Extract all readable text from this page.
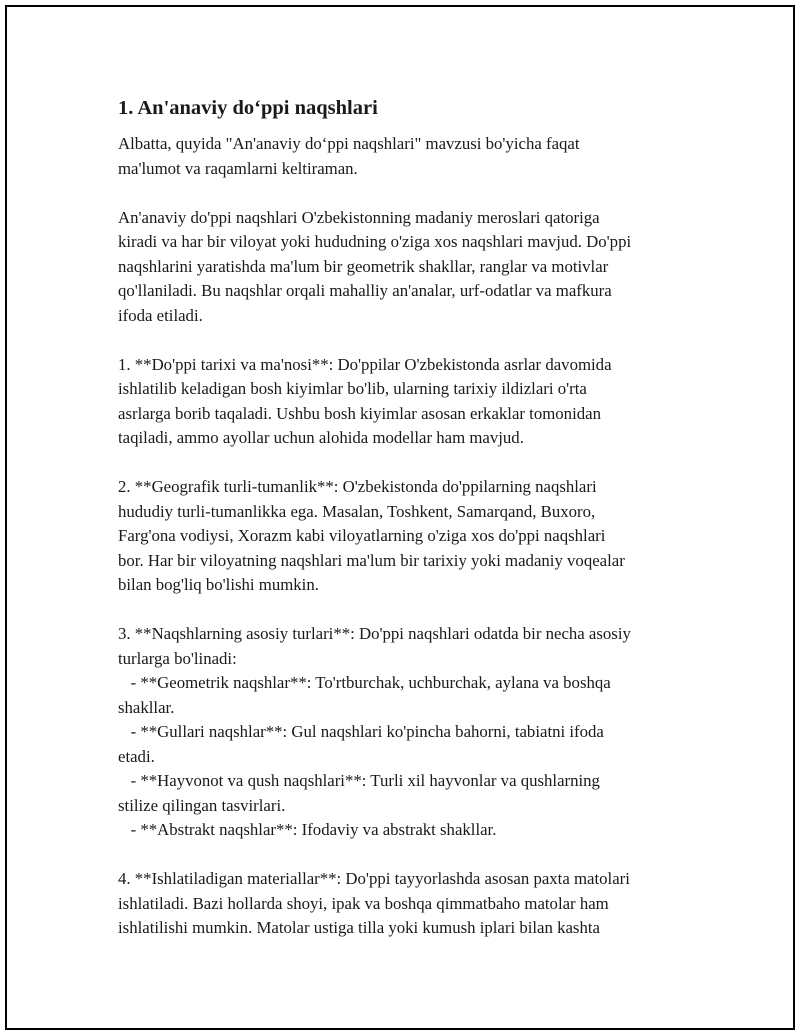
1. An'anaviy do‘ppi naqshlari
Albatta, quyida "An'anaviy do‘ppi naqshlari" mavzusi bo'yicha faqat
ma'lumot va raqamlarni keltiraman.
An'anaviy do'ppi naqshlari O'zbekistonning madaniy meroslari qatoriga
kiradi va har bir viloyat yoki hududning o'ziga xos naqshlari mavjud. Do'ppi
naqshlarini yaratishda ma'lum bir geometrik shakllar, ranglar va motivlar
qo'llaniladi. Bu naqshlar orqali mahalliy an'analar, urf-odatlar va mafkura
ifoda etiladi.
1. **Do'ppi tarixi va ma'nosi**: Do'ppilar O'zbekistonda asrlar davomida
ishlatilib keladigan bosh kiyimlar bo'lib, ularning tarixiy ildizlari o'rta
asrlarga borib taqaladi. Ushbu bosh kiyimlar asosan erkaklar tomonidan
taqiladi, ammo ayollar uchun alohida modellar ham mavjud.
2. **Geografik turli-tumanlik**: O'zbekistonda do'ppilarning naqshlari
hududiy turli-tumanlikka ega. Masalan, Toshkent, Samarqand, Buxoro,
Farg'ona vodiysi, Xorazm kabi viloyatlarning o'ziga xos do'ppi naqshlari
bor. Har bir viloyatning naqshlari ma'lum bir tarixiy yoki madaniy voqealar
bilan bog'liq bo'lishi mumkin.
3. **Naqshlarning asosiy turlari**: Do'ppi naqshlari odatda bir necha asosiy
turlarga bo'linadi:
- **Geometrik naqshlar**: To'rtburchak, uchburchak, aylana va boshqa
shakllar.
- **Gullari naqshlar**: Gul naqshlari ko'pincha bahorni, tabiatni ifoda
etadi.
- **Hayvonot va qush naqshlari**: Turli xil hayvonlar va qushlarning
stilize qilingan tasvirlari.
- **Abstrakt naqshlar**: Ifodaviy va abstrakt shakllar.
4. **Ishlatiladigan materiallar**: Do'ppi tayyorlashda asosan paxta matolari
ishlatiladi. Bazi hollarda shoyi, ipak va boshqa qimmatbaho matolar ham
ishlatilishi mumkin. Matolar ustiga tilla yoki kumush iplari bilan kashta
